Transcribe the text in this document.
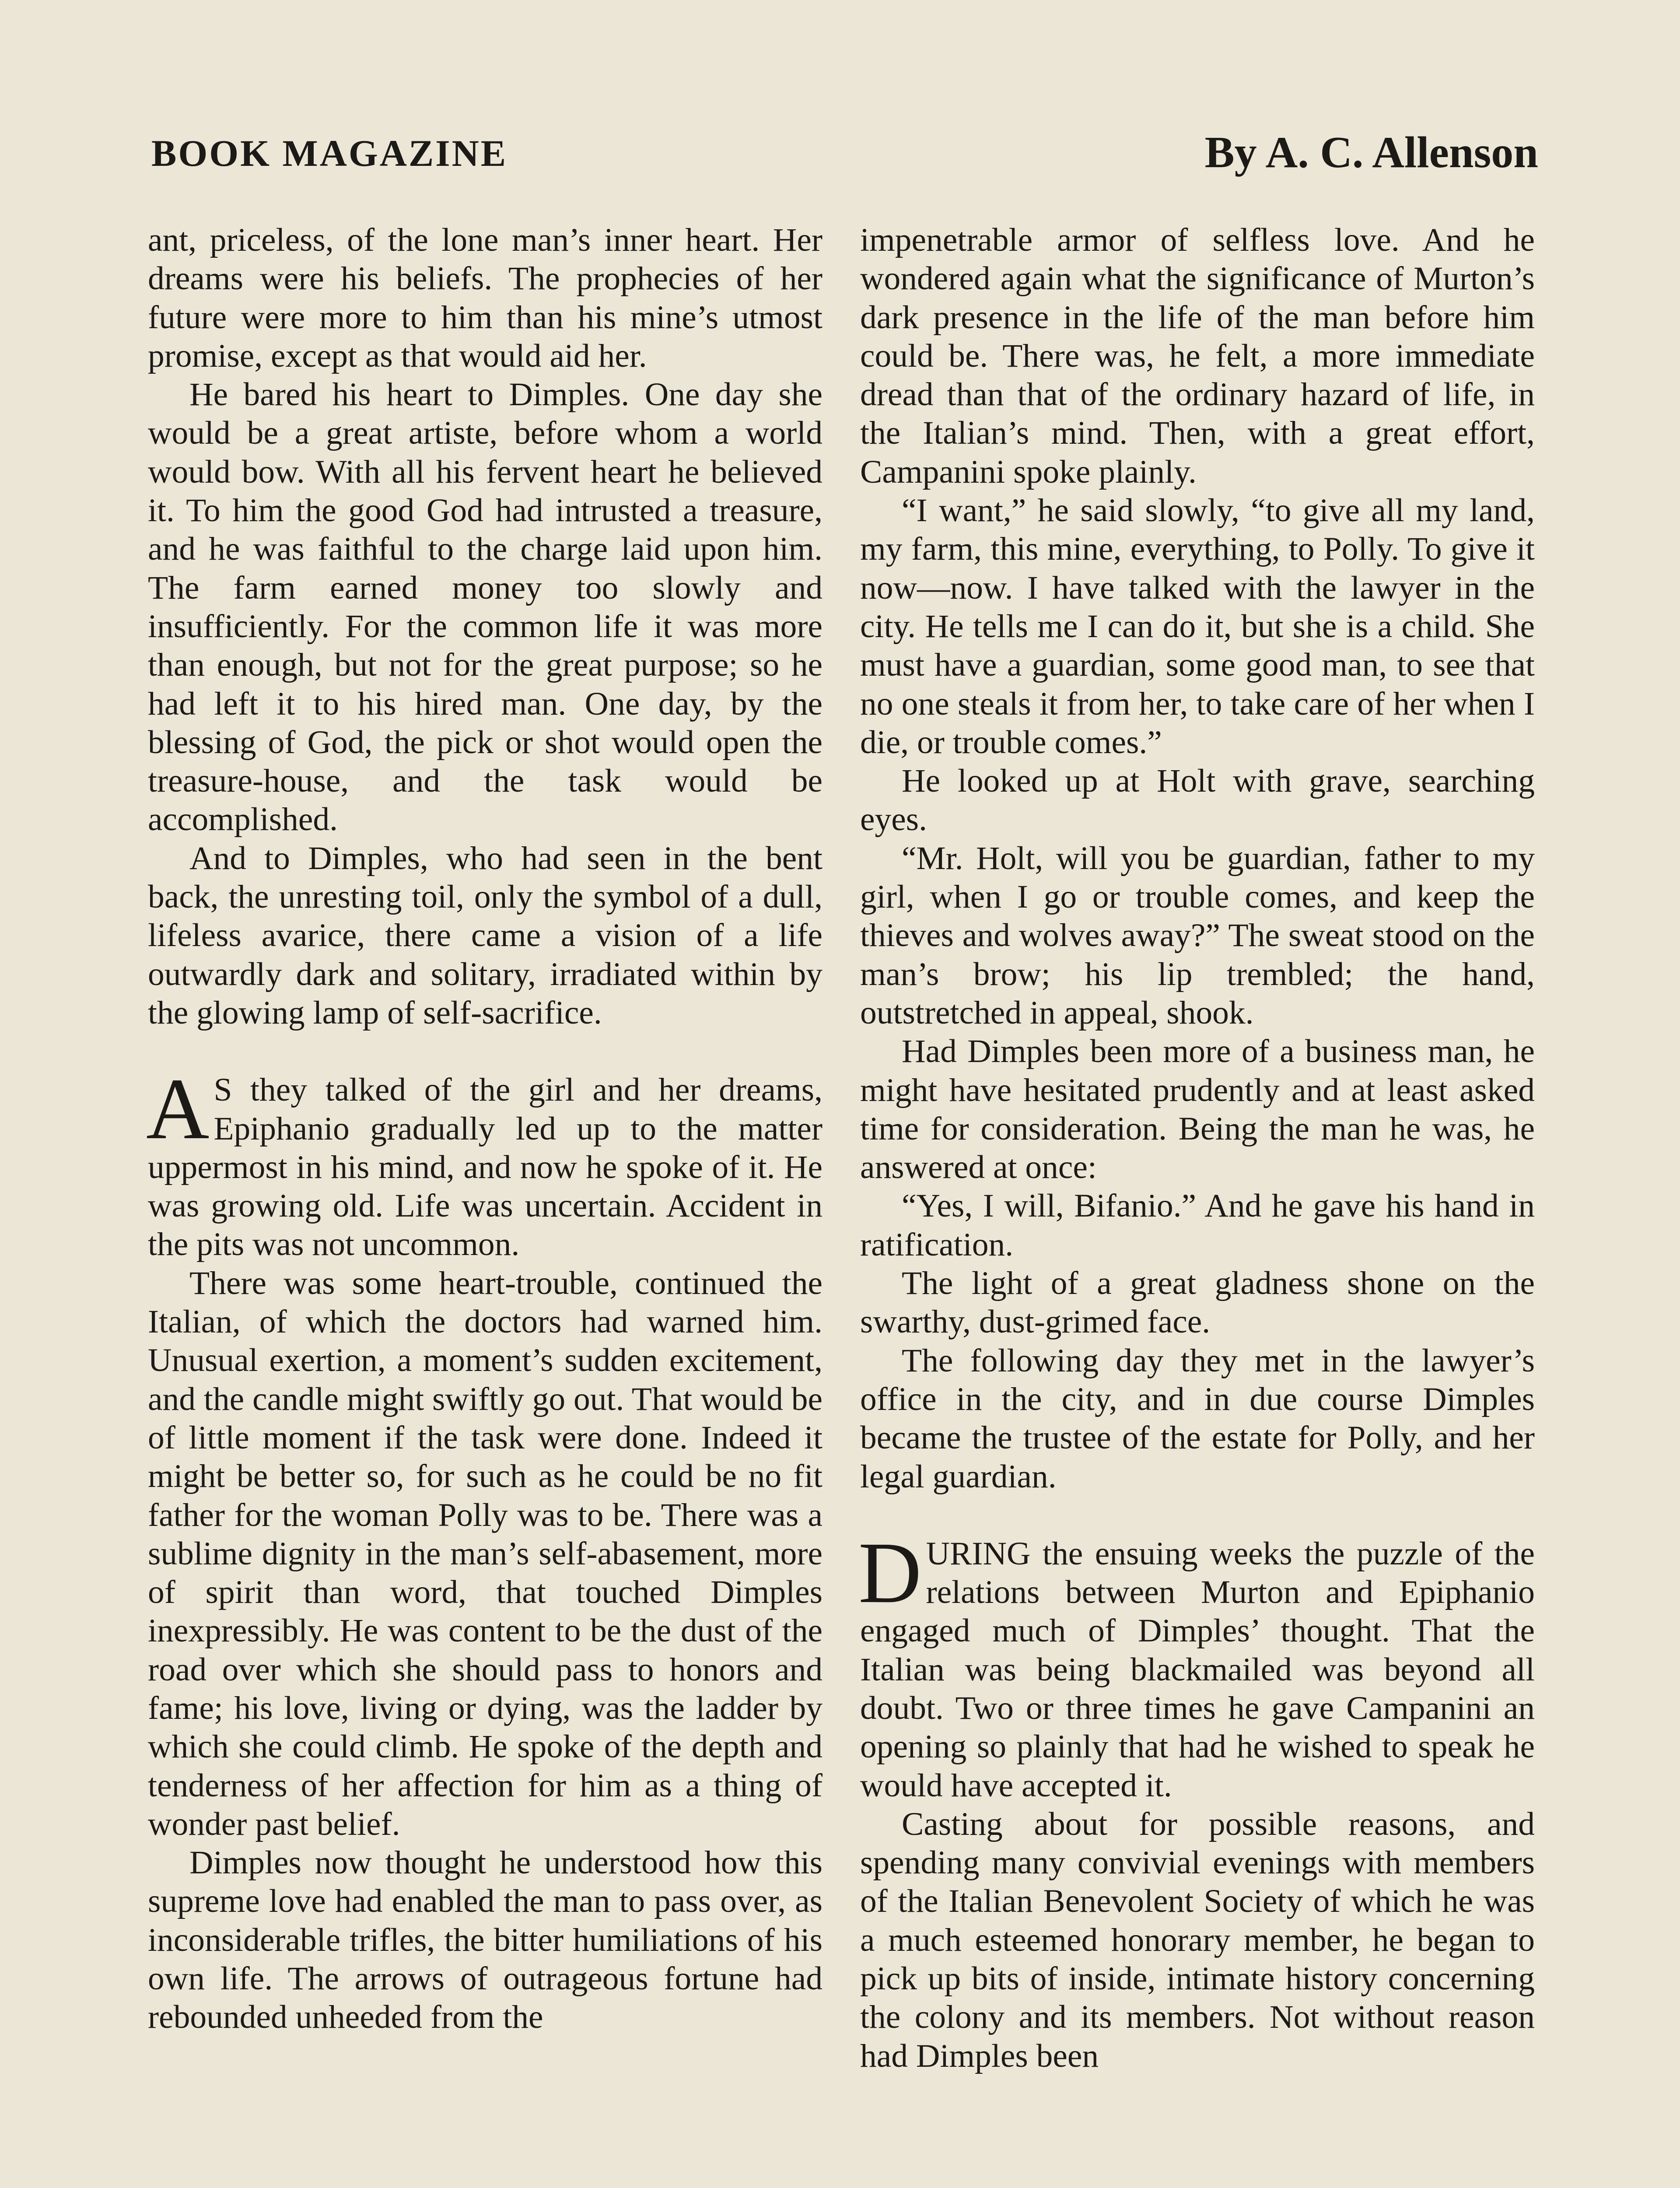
BOOK MAGAZINE	By A. C. Allenson

ant, priceless, of the lone man’s inner heart. Her dreams were his beliefs. The prophecies of her future were more to him than his mine’s utmost promise, except as that would aid her.

He bared his heart to Dimples. One day she would be a great artiste, before whom a world would bow. With all his fervent heart he believed it. To him the good God had intrusted a treasure, and he was faithful to the charge laid upon him. The farm earned money too slowly and insufficiently. For the common life it was more than enough, but not for the great purpose; so he had left it to his hired man. One day, by the blessing of God, the pick or shot would open the treasure-house, and the task would be accomplished.

And to Dimples, who had seen in the bent back, the unresting toil, only the symbol of a dull, lifeless avarice, there came a vision of a life outwardly dark and solitary, irradiated within by the glowing lamp of self-sacrifice.

A S they talked of the girl and her dreams, Epiphanio gradually led up to the matter uppermost in his mind, and now he spoke of it. He was growing old. Life was uncertain. Accident in the pits was not uncommon.

There was some heart-trouble, continued the Italian, of which the doctors had warned him. Unusual exertion, a moment’s sudden excitement, and the candle might swiftly go out. That would be of little moment if the task were done. Indeed it might be better so, for such as he could be no fit father for the woman Polly was to be. There was a sublime dignity in the man’s self-abasement, more of spirit than word, that touched Dimples inexpressibly. He was content to be the dust of the road over which she should pass to honors and fame; his love, living or dying, was the ladder by which she could climb. He spoke of the depth and tenderness of her affection for him as a thing of wonder past belief.

Dimples now thought he understood how this supreme love had enabled the man to pass over, as inconsiderable trifles, the bitter humiliations of his own life. The arrows of outrageous fortune had rebounded unheeded from the

impenetrable armor of selfless love. And he wondered again what the significance of Murton’s dark presence in the life of the man before him could be. There was, he felt, a more immediate dread than that of the ordinary hazard of life, in the Italian’s mind. Then, with a great effort, Campanini spoke plainly.

“I want,” he said slowly, “to give all my land, my farm, this mine, everything, to Polly. To give it now—now. I have talked with the lawyer in the city. He tells me I can do it, but she is a child. She must have a guardian, some good man, to see that no one steals it from her, to take care of her when I die, or trouble comes.”

He looked up at Holt with grave, searching eyes.

“Mr. Holt, will you be guardian, father to my girl, when I go or trouble comes, and keep the thieves and wolves away?” The sweat stood on the man’s brow; his lip trembled; the hand, outstretched in appeal, shook.

Had Dimples been more of a business man, he might have hesitated prudently and at least asked time for consideration. Being the man he was, he answered at once:

“Yes, I will, Bifanio.” And he gave his hand in ratification.

The light of a great gladness shone on the swarthy, dust-grimed face.

The following day they met in the lawyer’s office in the city, and in due course Dimples became the trustee of the estate for Polly, and her legal guardian.

DURING the ensuing weeks the puzzle of the relations between Murton and Epiphanio engaged much of Dimples’ thought. That the Italian was being blackmailed was beyond all doubt. Two or three times he gave Campanini an opening so plainly that had he wished to speak he would have accepted it.

Casting about for possible reasons, and spending many convivial evenings with members of the Italian Benevolent Society of which he was a much esteemed honorary member, he began to pick up bits of inside, intimate history concerning the colony and its members. Not without reason had Dimples been
